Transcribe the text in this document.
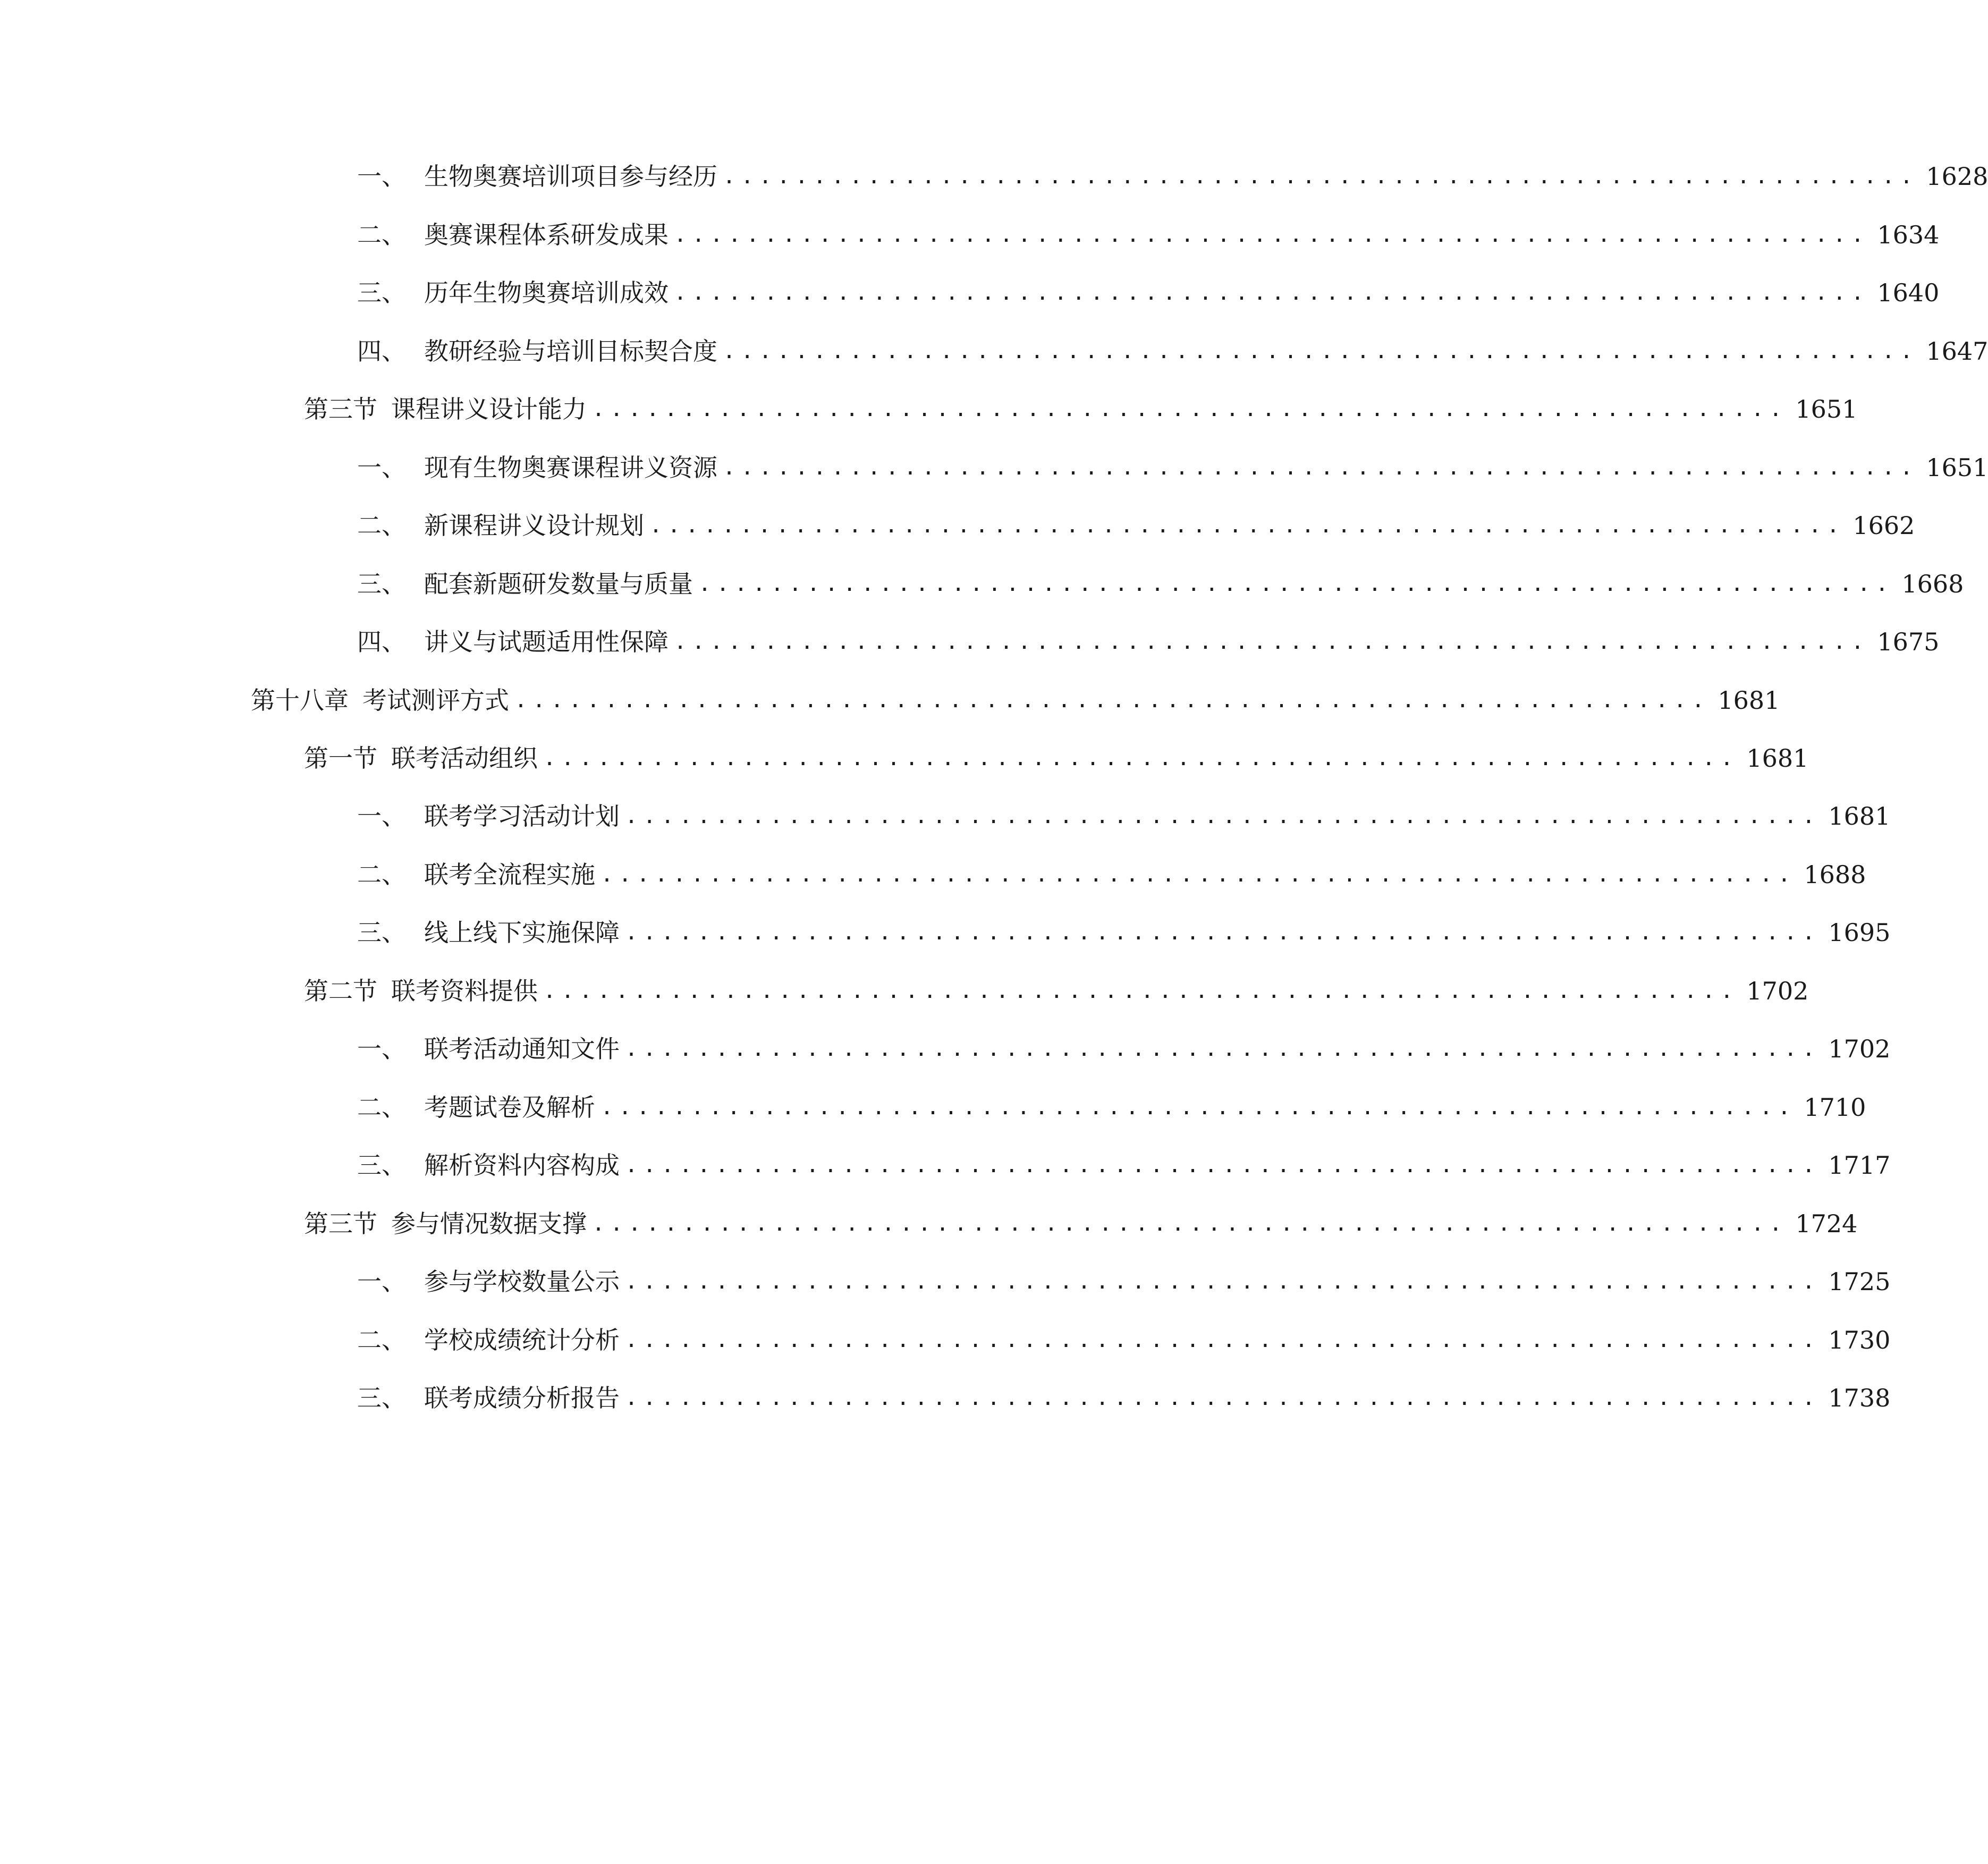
一、 生物奥赛培训项目参与经历 .................................................................. 1628
二、 奥赛课程体系研发成果 .................................................................. 1634
三、 历年生物奥赛培训成效 .................................................................. 1640
四、 教研经验与培训目标契合度 .................................................................. 1647
第三节 课程讲义设计能力 .................................................................. 1651
一、 现有生物奥赛课程讲义资源 .................................................................. 1651
二、 新课程讲义设计规划 .................................................................. 1662
三、 配套新题研发数量与质量 .................................................................. 1668
四、 讲义与试题适用性保障 .................................................................. 1675
第十八章 考试测评方式 .................................................................. 1681
第一节 联考活动组织 .................................................................. 1681
一、 联考学习活动计划 .................................................................. 1681
二、 联考全流程实施 .................................................................. 1688
三、 线上线下实施保障 .................................................................. 1695
第二节 联考资料提供 .................................................................. 1702
一、 联考活动通知文件 .................................................................. 1702
二、 考题试卷及解析 .................................................................. 1710
三、 解析资料内容构成 .................................................................. 1717
第三节 参与情况数据支撑 .................................................................. 1724
一、 参与学校数量公示 .................................................................. 1725
二、 学校成绩统计分析 .................................................................. 1730
三、 联考成绩分析报告 .................................................................. 1738
